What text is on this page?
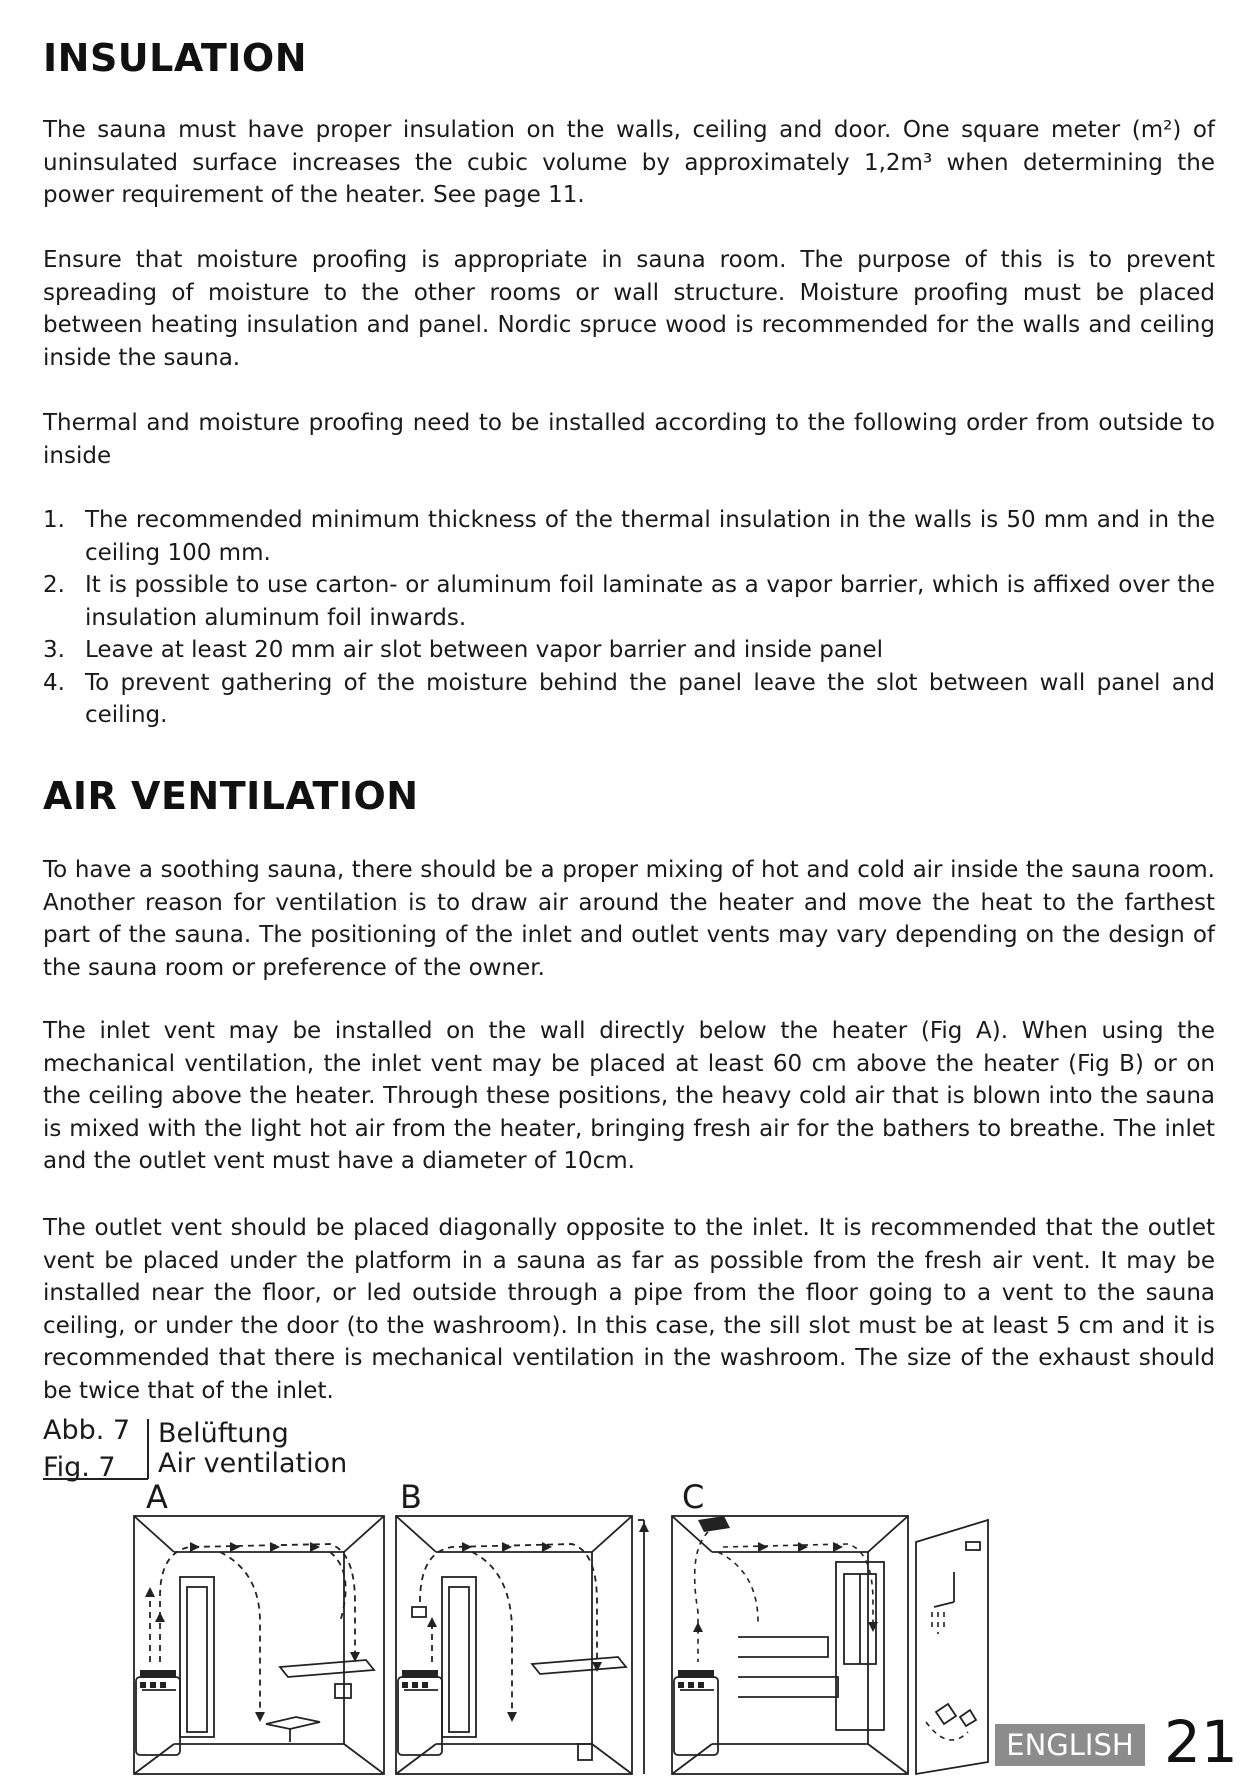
INSULATION

The sauna must have proper insulation on the walls, ceiling and door. One square meter (m²) of uninsulated surface increases the cubic volume by approximately 1,2m³ when determining the power requirement of the heater. See page 11.

Ensure that moisture proofing is appropriate in sauna room. The purpose of this is to prevent spreading of moisture to the other rooms or wall structure. Moisture proofing must be placed between heating insulation and panel. Nordic spruce wood is recommended for the walls and ceiling inside the sauna.

Thermal and moisture proofing need to be installed according to the following order from outside to inside

1. The recommended minimum thickness of the thermal insulation in the walls is 50 mm and in the ceiling 100 mm.
2. It is possible to use carton- or aluminum foil laminate as a vapor barrier, which is affixed over the insulation aluminum foil inwards.
3. Leave at least 20 mm air slot between vapor barrier and inside panel
4. To prevent gathering of the moisture behind the panel leave the slot between wall panel and ceiling.
AIR VENTILATION

To have a soothing sauna, there should be a proper mixing of hot and cold air inside the sauna room. Another reason for ventilation is to draw air around the heater and move the heat to the farthest part of the sauna. The positioning of the inlet and outlet vents may vary depending on the design of the sauna room or preference of the owner.

The inlet vent may be installed on the wall directly below the heater (Fig A). When using the mechanical ventilation, the inlet vent may be placed at least 60 cm above the heater (Fig B) or on the ceiling above the heater. Through these positions, the heavy cold air that is blown into the sauna is mixed with the light hot air from the heater, bringing fresh air for the bathers to breathe. The inlet and the outlet vent must have a diameter of 10cm.

The outlet vent should be placed diagonally opposite to the inlet. It is recommended that the outlet vent be placed under the platform in a sauna as far as possible from the fresh air vent. It may be installed near the floor, or led outside through a pipe from the floor going to a vent to the sauna ceiling, or under the door (to the washroom). In this case, the sill slot must be at least 5 cm and it is recommended that there is mechanical ventilation in the washroom. The size of the exhaust should be twice that of the inlet.

Abb. 7
Fig. 7
Belüftung
Air ventilation
A	B	C
ENGLISH 21
